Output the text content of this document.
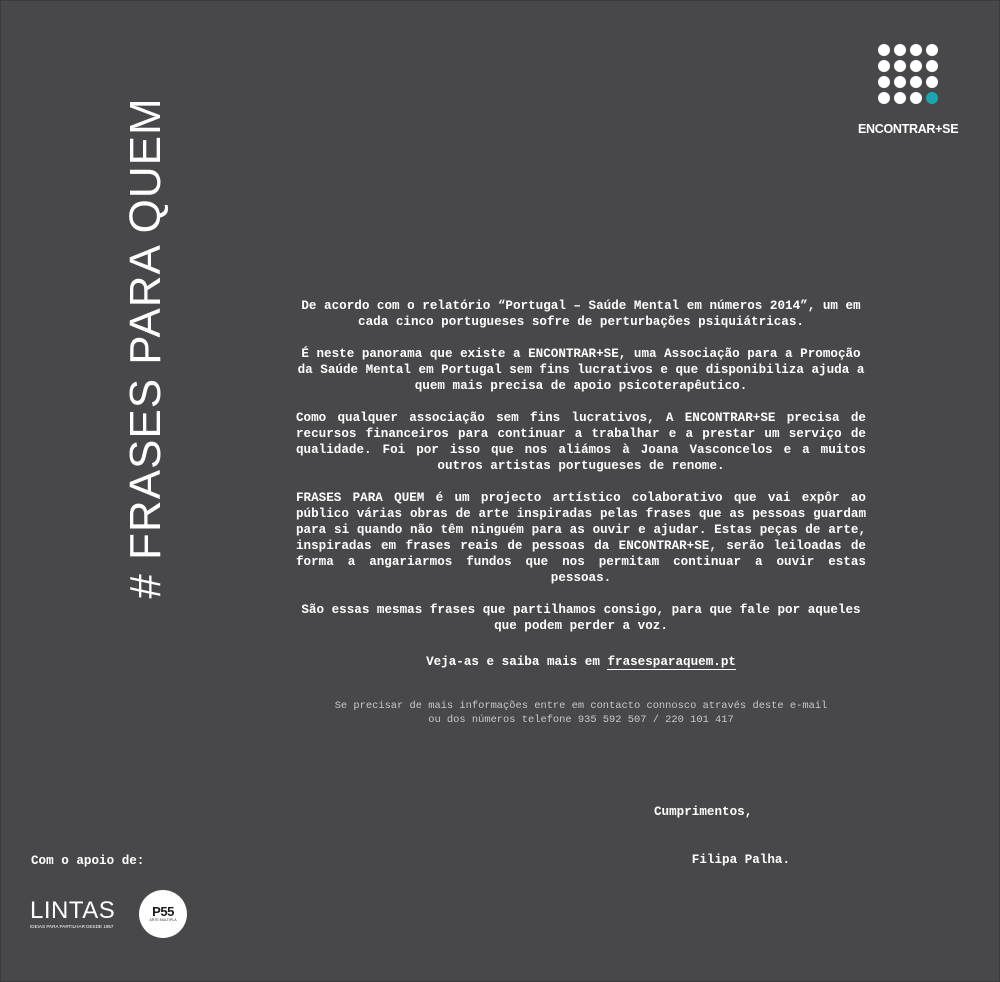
# FRASES PARA QUEM	ENCONTRAR+SE

De acordo com o relatório “Portugal – Saúde Mental em números 2014”, um em cada cinco portugueses sofre de perturbações psiquiátricas.

É neste panorama que existe a ENCONTRAR+SE, uma Associação para a Promoção da Saúde Mental em Portugal sem fins lucrativos e que disponibiliza ajuda a quem mais precisa de apoio psicoterapêutico.

Como qualquer associação sem fins lucrativos, A ENCONTRAR+SE precisa de recursos financeiros para continuar a trabalhar e a prestar um serviço de qualidade. Foi por isso que nos aliámos à Joana Vasconcelos e a muitos outros artistas portugueses de renome.

FRASES PARA QUEM é um projecto artístico colaborativo que vai expôr ao público várias obras de arte inspiradas pelas frases que as pessoas guardam para si quando não têm ninguém para as ouvir e ajudar. Estas peças de arte, inspiradas em frases reais de pessoas da ENCONTRAR+SE, serão leiloadas de forma a angariarmos fundos que nos permitam continuar a ouvir estas pessoas.

São essas mesmas frases que partilhamos consigo, para que fale por aqueles que podem perder a voz.

Veja-as e saiba mais em frasesparaquem.pt

Se precisar de mais informações entre em contacto connosco através deste e-mail
ou dos números telefone 935 592 507 / 220 101 417

Cumprimentos,

Filipa Palha.

Com o apoio de:
LINTAS
IDEIAS PARA PARTILHAR DESDE 1957
P55
ARTE MULTIPLA
